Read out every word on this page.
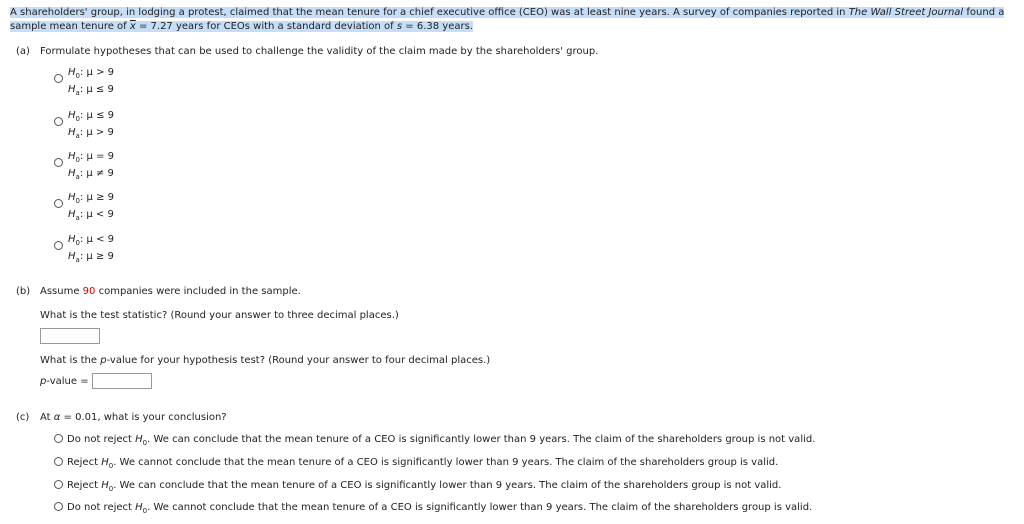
A shareholders' group, in lodging a protest, claimed that the mean tenure for a chief executive office (CEO) was at least nine years. A survey of companies reported in The Wall Street Journal found a
sample mean tenure of $\overline{x} = 7.27$ years for CEOs with a standard deviation of s = 6.38 years.
(a) Formulate hypotheses that can be used to challenge the validity of the claim made by the shareholders' group.
$H_0$: μ > 9
$H_a$: μ ≤ 9
$H_0$: μ ≤ 9
$H_a$: μ > 9
$H_0$: μ = 9
$H_a$: μ ≠ 9
$H_0$: μ ≥ 9
$H_a$: μ < 9
$H_0$: μ < 9
$H_a$: μ ≥ 9
(b) Assume 90 companies were included in the sample.
What is the test statistic? (Round your answer to three decimal places.)
What is the p-value for your hypothesis test? (Round your answer to four decimal places.)
p-value =
(c) At α = 0.01, what is your conclusion?
Do not reject $H_0$. We can conclude that the mean tenure of a CEO is significantly lower than 9 years. The claim of the shareholders group is not valid.
Reject $H_0$. We cannot conclude that the mean tenure of a CEO is significantly lower than 9 years. The claim of the shareholders group is valid.
Reject $H_0$. We can conclude that the mean tenure of a CEO is significantly lower than 9 years. The claim of the shareholders group is not valid.
Do not reject $H_0$. We cannot conclude that the mean tenure of a CEO is significantly lower than 9 years. The claim of the shareholders group is valid.
